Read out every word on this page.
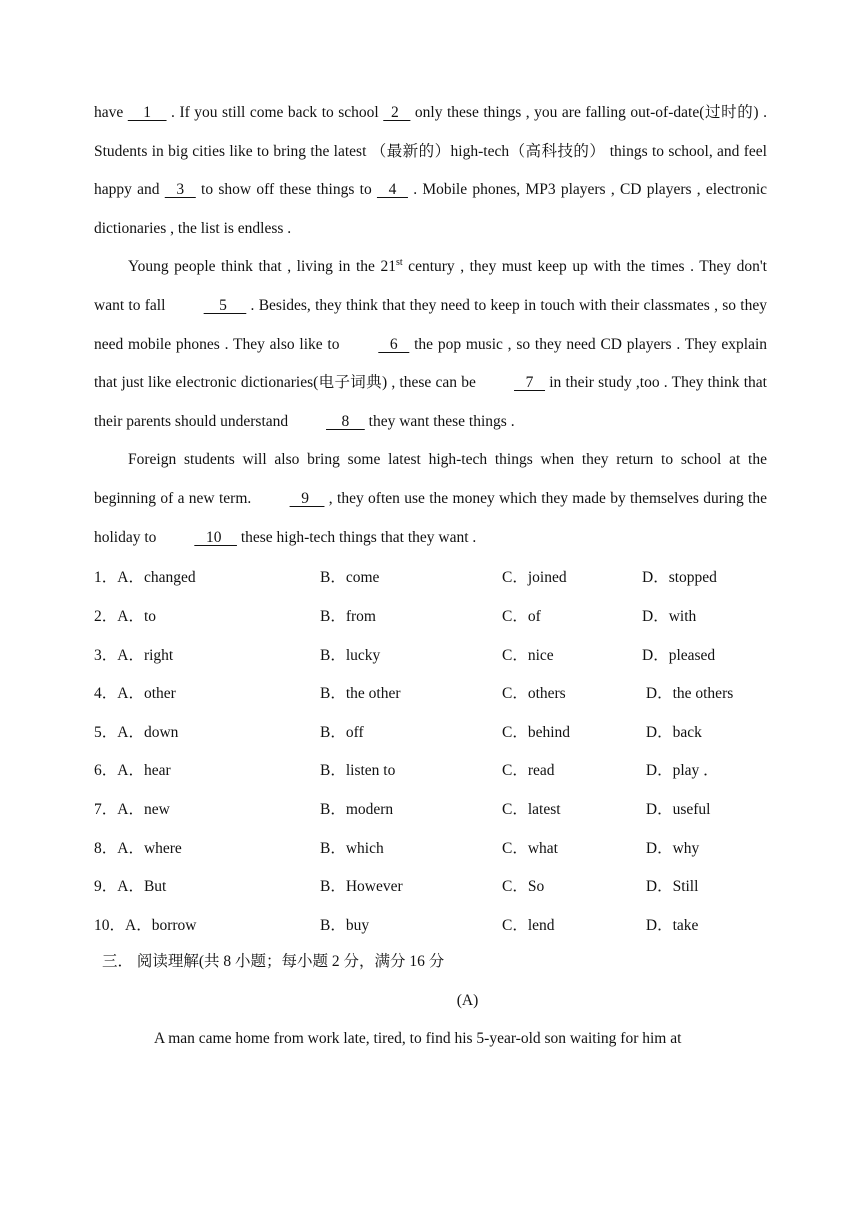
have     1     . If you still come back to school   2    only these things , you are falling out-of-date(过时的) . Students in big cities like to bring the latest （最新的）high-tech（高科技的） things to school, and feel happy and    3    to show off these things to    4    . Mobile phones, MP3 players , CD players , electronic dictionaries , the list is endless .

Young people think that , living in the 21st century , they must keep up with the times . They don't want to fall     5      . Besides, they think that they need to keep in touch with their classmates , so they need mobile phones . They also like to    6    the pop music , so they need CD players . They explain that just like electronic dictionaries(电子词典) , these can be    7    in their study ,too . They think that their parents should understand     8     they want these things .

Foreign students will also bring some latest high-tech things when they return to school at the beginning of a new term.    9     , they often use the money which they made by themselves during the holiday to    10     these high-tech things that they want .

1．A．changed	B．come	C．joined	D．stopped
2．A．to	B．from	C．of	D．with
3．A．right	B．lucky	C．nice	D．pleased
4．A．other	B．the other	C．others	D．the others
5．A．down	B．off	C．behind	D．back
6．A．hear	B．listen to	C．read	D．play ．
7．A．new	B．modern	C．latest	D．useful
8．A．where	B．which	C．what	D．why
9．A．But	B．However	C．So	D．Still
10．A．borrow	B．buy	C．lend	D．take

三． 阅读理解(共 8 小题；每小题 2 分，满分 16 分

(A)

A man came home from work late, tired, to find his 5-year-old son waiting for him at
